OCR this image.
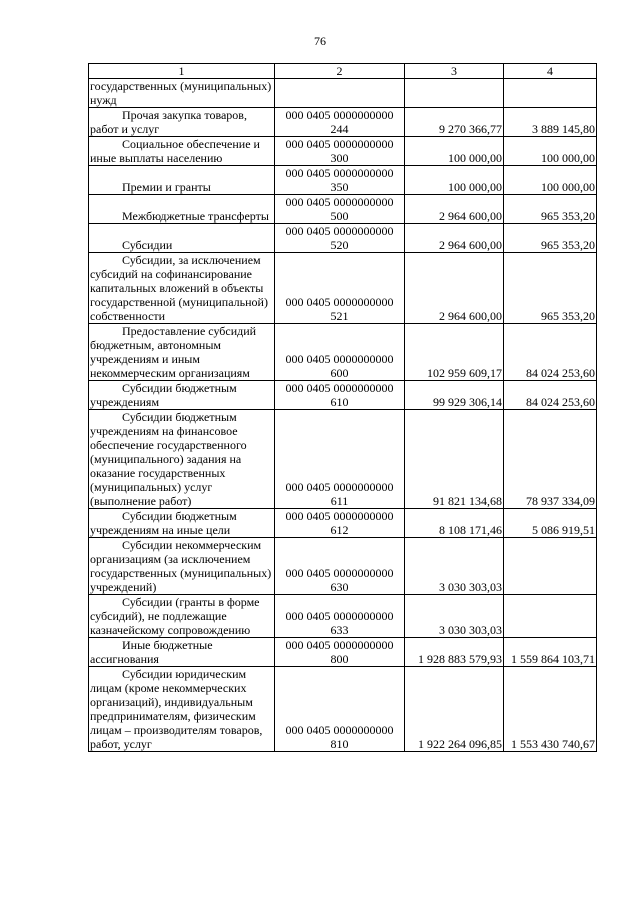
76
1	2	3	4

государственных (муниципальных) нужд			

Прочая закупка товаров, работ и услуг	000 0405 0000000000 244	9 270 366,77	3 889 145,80

Социальное обеспечение и иные выплаты населению	000 0405 0000000000 300	100 000,00	100 000,00

Премии и гранты	000 0405 0000000000 350	100 000,00	100 000,00

Межбюджетные трансферты	000 0405 0000000000 500	2 964 600,00	965 353,20

Субсидии	000 0405 0000000000 520	2 964 600,00	965 353,20

Субсидии, за исключением субсидий на софинансирование капитальных вложений в объекты государственной (муниципальной) собственности	000 0405 0000000000 521	2 964 600,00	965 353,20

Предоставление субсидий бюджетным, автономным учреждениям и иным некоммерческим организациям	000 0405 0000000000 600	102 959 609,17	84 024 253,60

Субсидии бюджетным учреждениям	000 0405 0000000000 610	99 929 306,14	84 024 253,60

Субсидии бюджетным учреждениям на финансовое обеспечение государственного (муниципального) задания на оказание государственных (муниципальных) услуг (выполнение работ)	000 0405 0000000000 611	91 821 134,68	78 937 334,09

Субсидии бюджетным учреждениям на иные цели	000 0405 0000000000 612	8 108 171,46	5 086 919,51

Субсидии некоммерческим организациям (за исключением государственных (муниципальных) учреждений)	000 0405 0000000000 630	3 030 303,03	

Субсидии (гранты в форме субсидий), не подлежащие казначейскому сопровождению	000 0405 0000000000 633	3 030 303,03	

Иные бюджетные ассигнования	000 0405 0000000000 800	1 928 883 579,93	1 559 864 103,71

Субсидии юридическим лицам (кроме некоммерческих организаций), индивидуальным предпринимателям, физическим лицам – производителям товаров, работ, услуг	000 0405 0000000000 810	1 922 264 096,85	1 553 430 740,67
